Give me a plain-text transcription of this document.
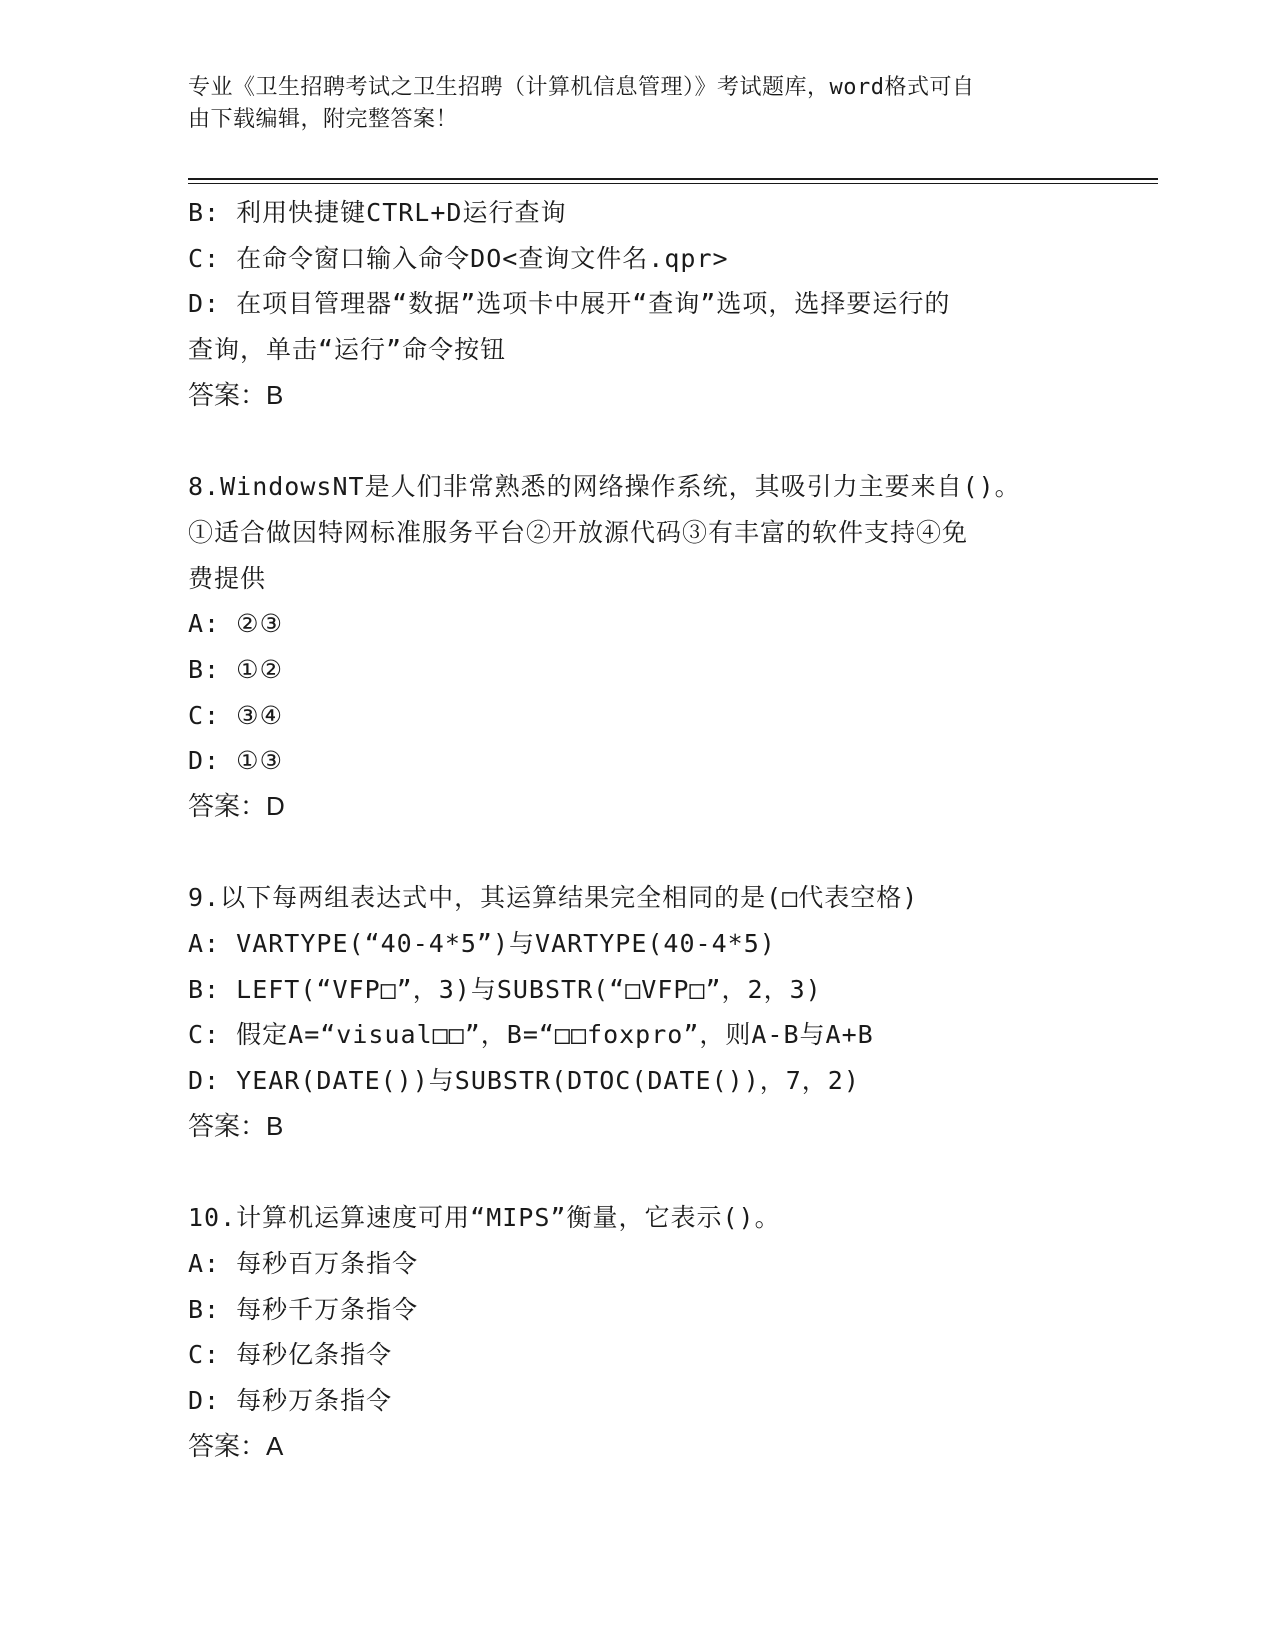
专业《卫生招聘考试之卫生招聘（计算机信息管理）》考试题库，word格式可自
由下载编辑，附完整答案！
B: 利用快捷键CTRL+D运行查询
C: 在命令窗口输入命令DO<查询文件名.qpr>
D: 在项目管理器“数据”选项卡中展开“查询”选项，选择要运行的
查询，单击“运行”命令按钮
答案：B
8.WindowsNT是人们非常熟悉的网络操作系统，其吸引力主要来自()。
①适合做因特网标准服务平台②开放源代码③有丰富的软件支持④免
费提供
A: ②③
B: ①②
C: ③④
D: ①③
答案：D
9.以下每两组表达式中，其运算结果完全相同的是(□代表空格)
A: VARTYPE(“40-4*5”)与VARTYPE(40-4*5)
B: LEFT(“VFP□”，3)与SUBSTR(“□VFP□”，2，3)
C: 假定A=“visual□□”，B=“□□foxpro”，则A-B与A+B
D: YEAR(DATE())与SUBSTR(DTOC(DATE())，7，2)
答案：B
10.计算机运算速度可用“MIPS”衡量，它表示()。
A: 每秒百万条指令
B: 每秒千万条指令
C: 每秒亿条指令
D: 每秒万条指令
答案：A
